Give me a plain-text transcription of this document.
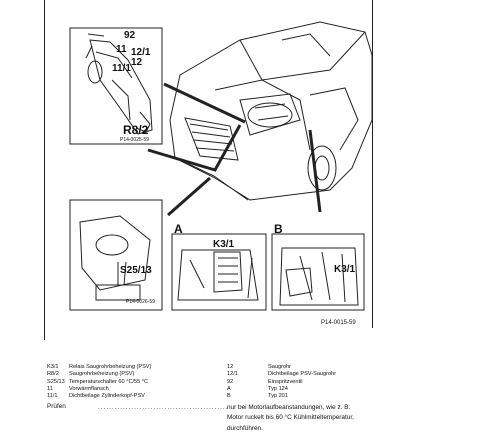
92
11 12/1
12
11/1
R8/2
P14-0025-59
S25/13
P14-0026-59
A
K3/1
B
K3/1
P14-0015-59
K3/1	Relais Saugrohrbeheizung (PSV)
R8/2	Saugrohrbeheizung (PSV)
S25/13 Temperaturschalter 60 °C/55 °C
11	Vorwärmflansch
11/1	Dichtbeilage Zylinderkopf-PSV
12	Saugrohr
12/1	Dichtbeilage PSV-Saugrohr
92	Einspritzventil
A	Typ 124
B	Typ 201
Prüfen	...............................................
nur bei Motorlaufbeanstandungen, wie z. B.
Motor ruckelt bis 60 °C Kühlmitteltemperatur,
durchführen.
